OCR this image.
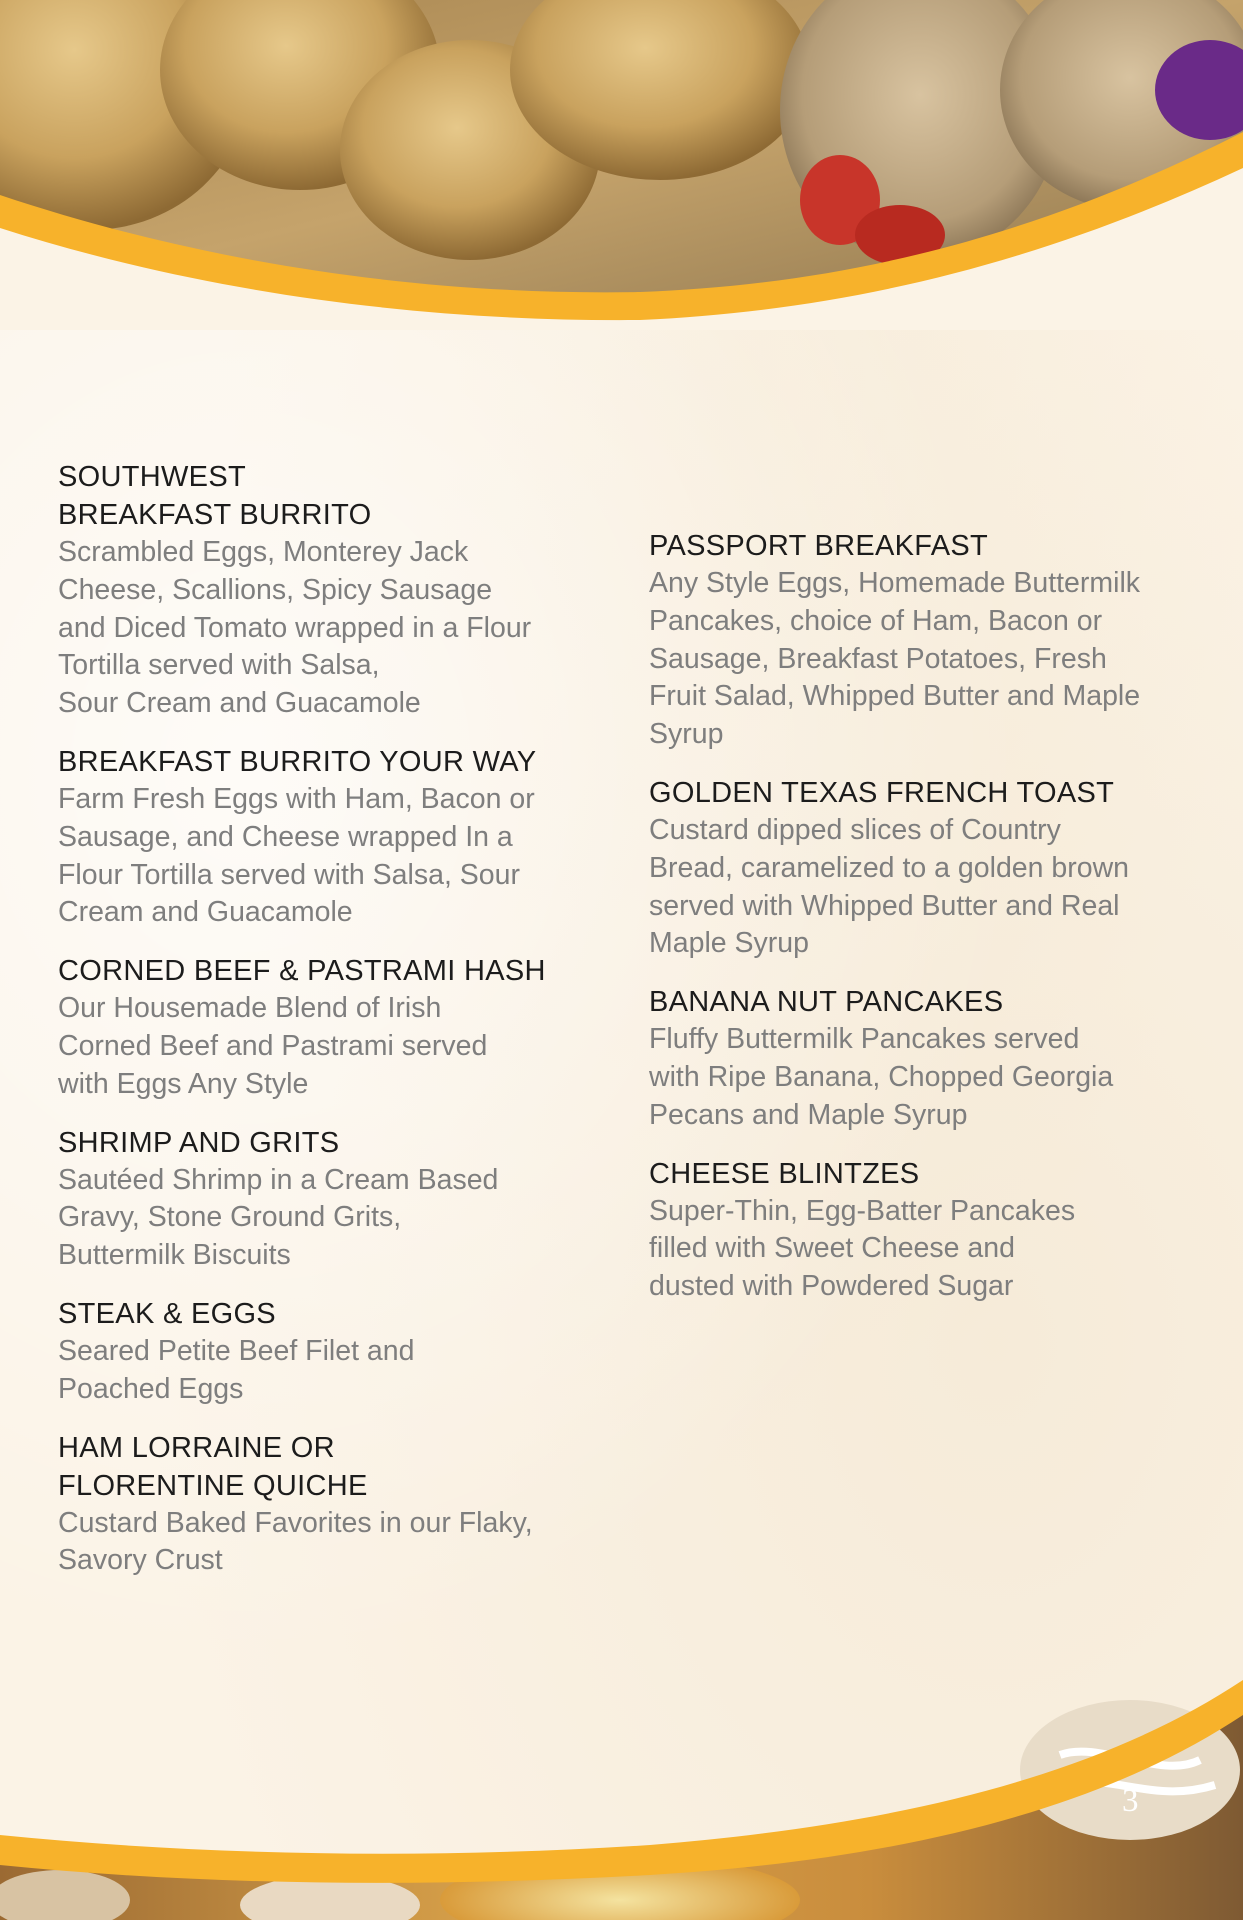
SOUTHWEST
BREAKFAST BURRITO
Scrambled Eggs, Monterey Jack
Cheese, Scallions, Spicy Sausage
and Diced Tomato wrapped in a Flour
Tortilla served with Salsa,
Sour Cream and Guacamole
BREAKFAST BURRITO YOUR WAY
Farm Fresh Eggs with Ham, Bacon or
Sausage, and Cheese wrapped In a
Flour Tortilla served with Salsa, Sour
Cream and Guacamole
CORNED BEEF & PASTRAMI HASH
Our Housemade Blend of Irish
Corned Beef and Pastrami served
with Eggs Any Style
SHRIMP AND GRITS
Sautéed Shrimp in a Cream Based
Gravy, Stone Ground Grits,
Buttermilk Biscuits
STEAK & EGGS
Seared Petite Beef Filet and
Poached Eggs
HAM LORRAINE OR
FLORENTINE QUICHE
Custard Baked Favorites in our Flaky,
Savory Crust
PASSPORT BREAKFAST
Any Style Eggs, Homemade Buttermilk
Pancakes, choice of Ham, Bacon or
Sausage, Breakfast Potatoes, Fresh
Fruit Salad, Whipped Butter and Maple
Syrup
GOLDEN TEXAS FRENCH TOAST
Custard dipped slices of Country
Bread, caramelized to a golden brown
served with Whipped Butter and Real
Maple Syrup
BANANA NUT PANCAKES
Fluffy Buttermilk Pancakes served
with Ripe Banana, Chopped Georgia
Pecans and Maple Syrup
CHEESE BLINTZES
Super-Thin, Egg-Batter Pancakes
filled with Sweet Cheese and
dusted with Powdered Sugar
3
